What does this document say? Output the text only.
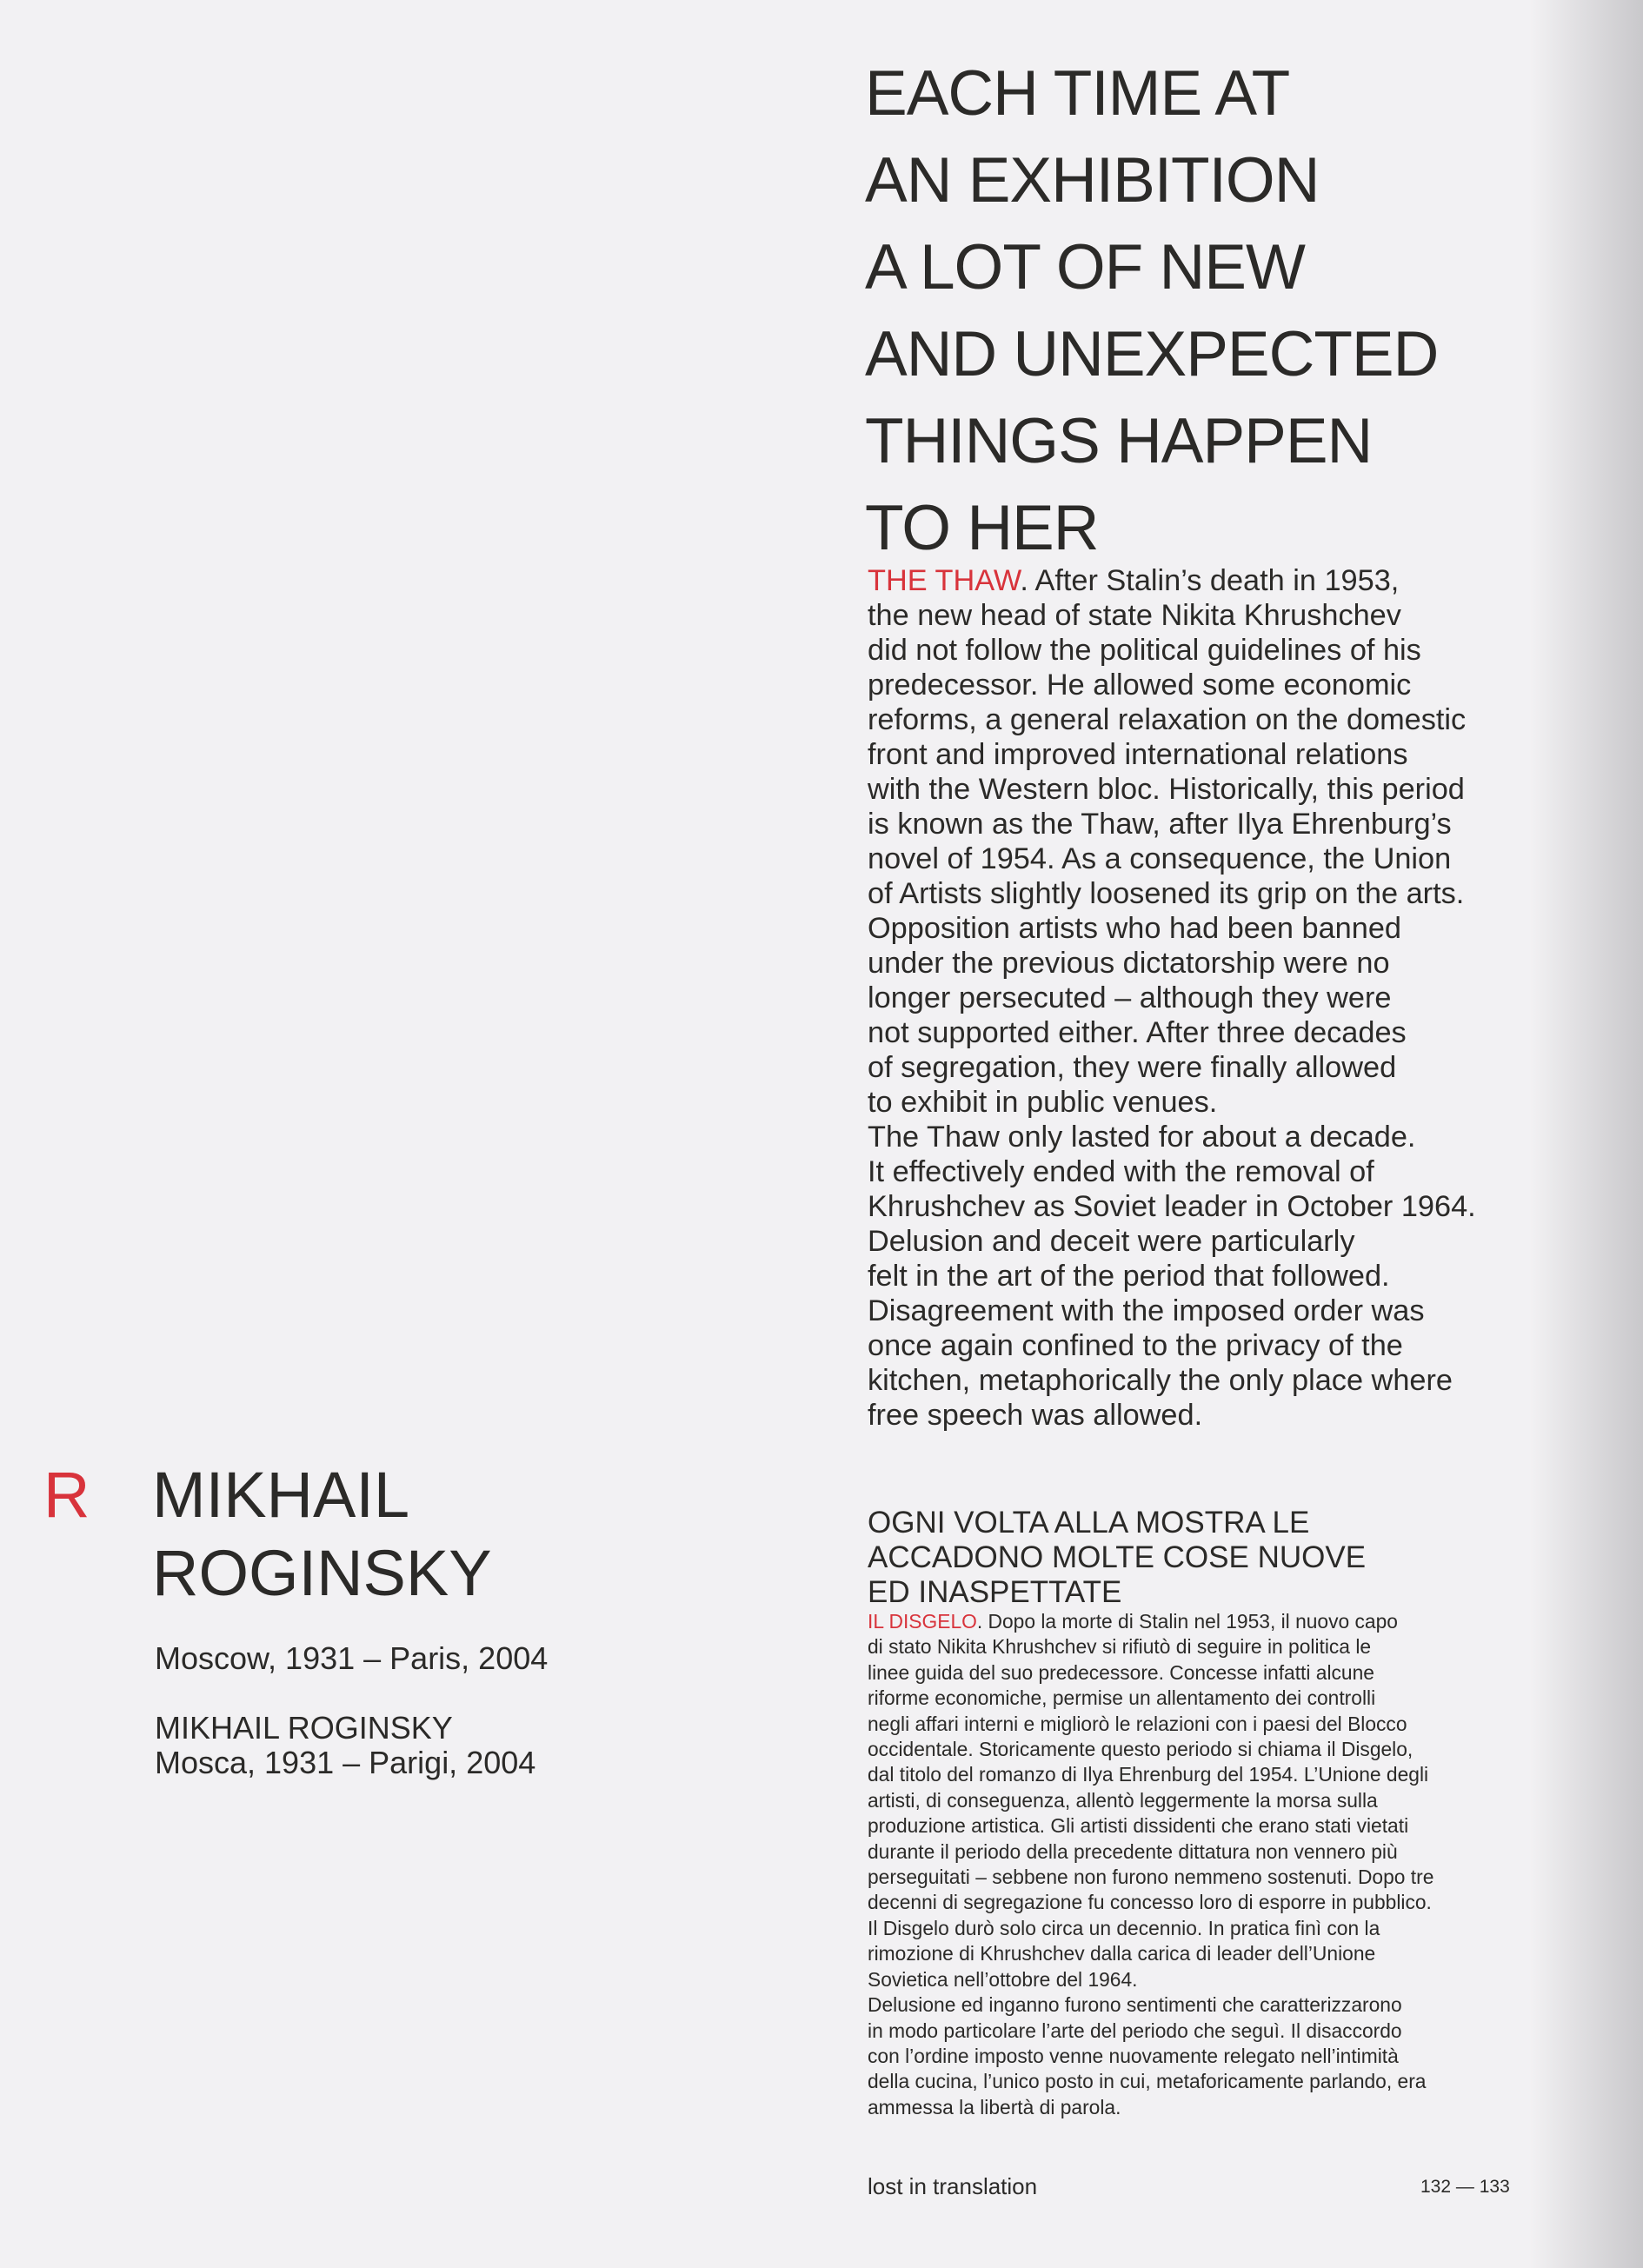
EACH TIME AT
AN EXHIBITION
A LOT OF NEW
AND UNEXPECTED
THINGS HAPPEN
TO HER
THE THAW. After Stalin’s death in 1953,
the new head of state Nikita Khrushchev
did not follow the political guidelines of his
predecessor. He allowed some economic
reforms, a general relaxation on the domestic
front and improved international relations
with the Western bloc. Historically, this period
is known as the Thaw, after Ilya Ehrenburg’s
novel of 1954. As a consequence, the Union
of Artists slightly loosened its grip on the arts.
Opposition artists who had been banned
under the previous dictatorship were no
longer persecuted – although they were
not supported either. After three decades
of segregation, they were finally allowed
to exhibit in public venues.
The Thaw only lasted for about a decade.
It effectively ended with the removal of
Khrushchev as Soviet leader in October 1964.
Delusion and deceit were particularly
felt in the art of the period that followed.
Disagreement with the imposed order was
once again confined to the privacy of the
kitchen, metaphorically the only place where
free speech was allowed.
R MIKHAIL
ROGINSKY
Moscow, 1931 – Paris, 2004
MIKHAIL ROGINSKY
Mosca, 1931 – Parigi, 2004
OGNI VOLTA ALLA MOSTRA LE
ACCADONO MOLTE COSE NUOVE
ED INASPETTATE
IL DISGELO. Dopo la morte di Stalin nel 1953, il nuovo capo
di stato Nikita Khrushchev si rifiutò di seguire in politica le
linee guida del suo predecessore. Concesse infatti alcune
riforme economiche, permise un allentamento dei controlli
negli affari interni e migliorò le relazioni con i paesi del Blocco
occidentale. Storicamente questo periodo si chiama il Disgelo,
dal titolo del romanzo di Ilya Ehrenburg del 1954. L’Unione degli
artisti, di conseguenza, allentò leggermente la morsa sulla
produzione artistica. Gli artisti dissidenti che erano stati vietati
durante il periodo della precedente dittatura non vennero più
perseguitati – sebbene non furono nemmeno sostenuti. Dopo tre
decenni di segregazione fu concesso loro di esporre in pubblico.
Il Disgelo durò solo circa un decennio. In pratica finì con la
rimozione di Khrushchev dalla carica di leader dell’Unione
Sovietica nell’ottobre del 1964.
Delusione ed inganno furono sentimenti che caratterizzarono
in modo particolare l’arte del periodo che seguì. Il disaccordo
con l’ordine imposto venne nuovamente relegato nell’intimità
della cucina, l’unico posto in cui, metaforicamente parlando, era
ammessa la libertà di parola.
lost in translation	132 — 133
